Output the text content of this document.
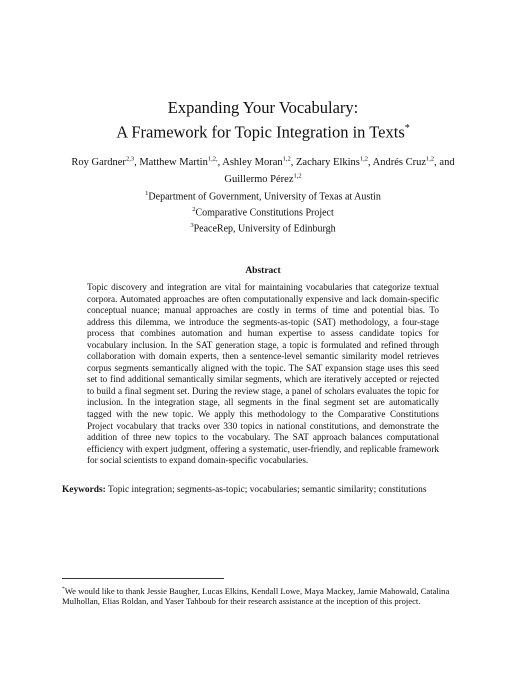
Expanding Your Vocabulary:
A Framework for Topic Integration in Texts*
Roy Gardner$^{2,3}$, Matthew Martin$^{1,2,}$, Ashley Moran$^{1,2}$, Zachary Elkins$^{1,2}$, Andrés Cruz$^{1,2}$, and
Guillermo Pérez$^{1,2}$
$^1$Department of Government, University of Texas at Austin
$^2$Comparative Constitutions Project
$^3$PeaceRep, University of Edinburgh
Abstract
Topic discovery and integration are vital for maintaining vocabularies that categorize textual corpora. Automated approaches are often computationally expensive and lack domain-specific conceptual nuance; manual approaches are costly in terms of time and potential bias. To address this dilemma, we introduce the segments-as-topic (SAT) methodology, a four-stage process that combines automation and human expertise to assess candidate topics for vocabulary inclusion. In the SAT generation stage, a topic is formulated and refined through collaboration with domain experts, then a sentence-level semantic similarity model retrieves corpus segments semantically aligned with the topic. The SAT expansion stage uses this seed set to find additional semantically similar segments, which are iteratively accepted or rejected to build a final segment set. During the review stage, a panel of scholars evaluates the topic for inclusion. In the integration stage, all segments in the final segment set are automatically tagged with the new topic. We apply this methodology to the Comparative Constitutions Project vocabulary that tracks over 330 topics in national constitutions, and demonstrate the addition of three new topics to the vocabulary. The SAT approach balances computational efficiency with expert judgment, offering a systematic, user-friendly, and replicable framework for social scientists to expand domain-specific vocabularies.
Keywords: Topic integration; segments-as-topic; vocabularies; semantic similarity; constitutions
*We would like to thank Jessie Baugher, Lucas Elkins, Kendall Lowe, Maya Mackey, Jamie Mahowald, Catalina Mulhollan, Elias Roldan, and Yaser Tahboub for their research assistance at the inception of this project.
